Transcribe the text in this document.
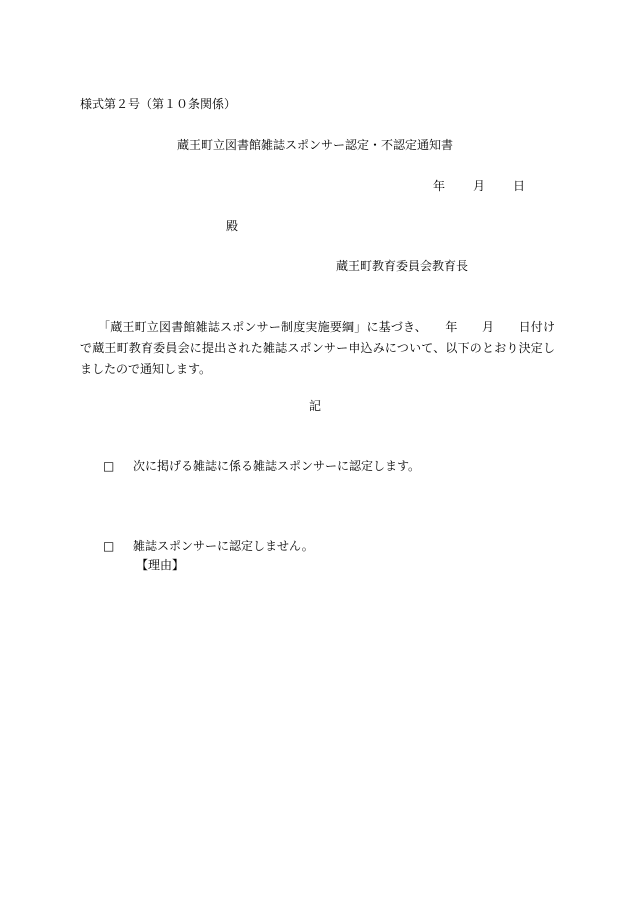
様式第２号（第１０条関係）
蔵王町立図書館雑誌スポンサー認定・不認定通知書
年 月 日
殿
蔵王町教育委員会教育長
「蔵王町立図書館雑誌スポンサー制度実施要綱」に基づき、　　年　　月　　日付けで蔵王町教育委員会に提出された雑誌スポンサー申込みについて、以下のとおり決定しましたので通知します。
記
□ 次に掲げる雑誌に係る雑誌スポンサーに認定します。
□ 雑誌スポンサーに認定しません。
【理由】
